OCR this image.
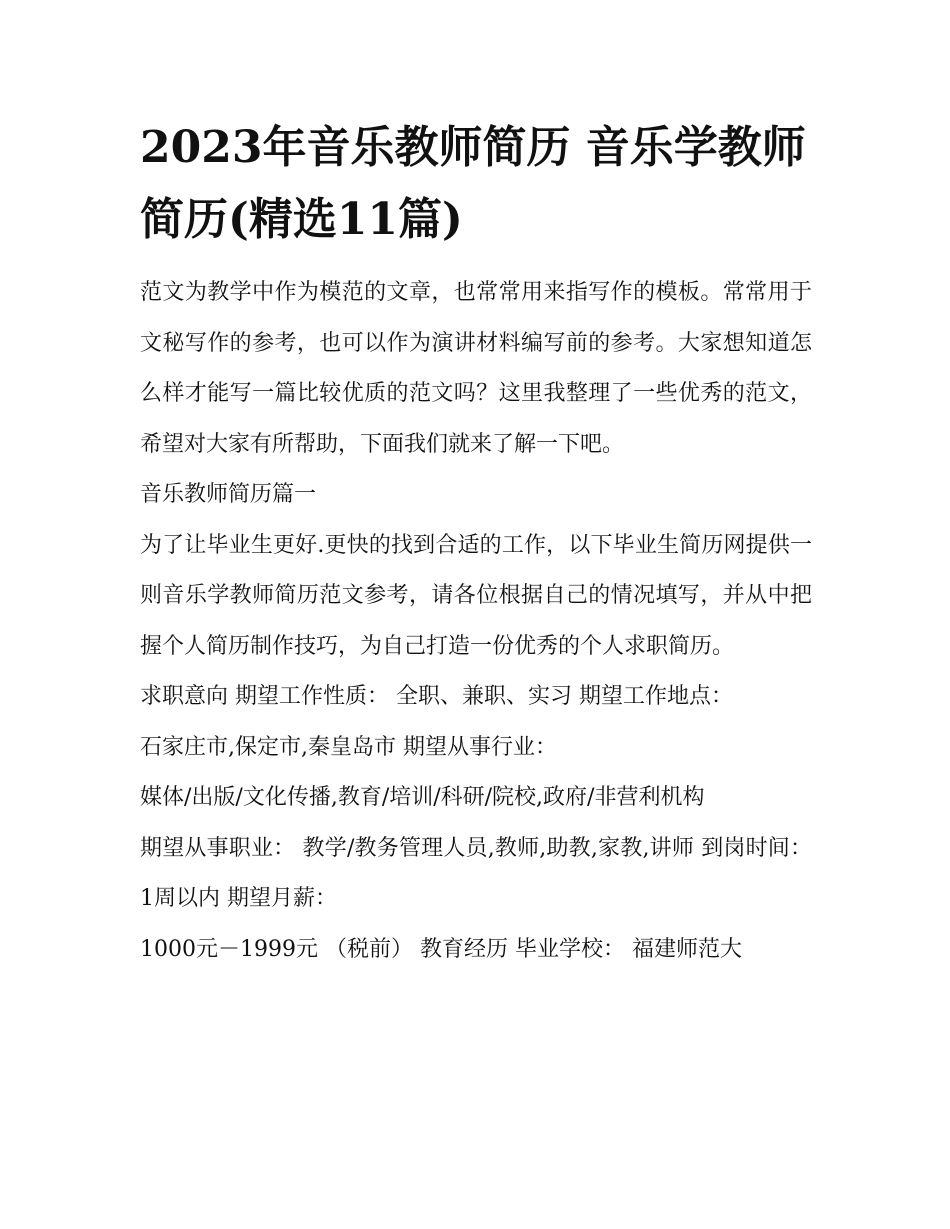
2023年音乐教师简历 音乐学教师简历(精选11篇)

范文为教学中作为模范的文章，也常常用来指写作的模板。常常用于文秘写作的参考，也可以作为演讲材料编写前的参考。大家想知道怎么样才能写一篇比较优质的范文吗？这里我整理了一些优秀的范文，希望对大家有所帮助，下面我们就来了解一下吧。

音乐教师简历篇一

为了让毕业生更好.更快的找到合适的工作，以下毕业生简历网提供一则音乐学教师简历范文参考，请各位根据自己的情况填写，并从中把握个人简历制作技巧，为自己打造一份优秀的个人求职简历。

求职意向 期望工作性质： 全职、兼职、实习 期望工作地点：

石家庄市,保定市,秦皇岛市 期望从事行业：

媒体/出版/文化传播,教育/培训/科研/院校,政府/非营利机构

期望从事职业： 教学/教务管理人员,教师,助教,家教,讲师 到岗时间： 1周以内 期望月薪：

1000元－1999元 （税前） 教育经历 毕业学校： 福建师范大
